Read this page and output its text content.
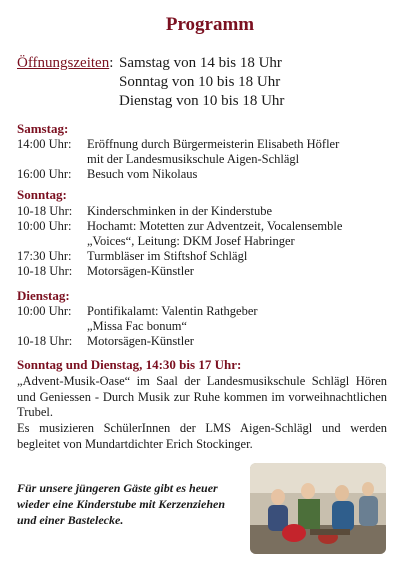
Programm
Öffnungszeiten: Samstag von 14 bis 18 Uhr
Sonntag von 10 bis 18 Uhr
Dienstag von 10 bis 18 Uhr
Samstag:
14:00 Uhr: Eröffnung durch Bürgermeisterin Elisabeth Höfler
mit der Landesmusikschule Aigen-Schlägl
16:00 Uhr: Besuch vom Nikolaus
Sonntag:
10-18 Uhr: Kinderschminken in der Kinderstube
10:00 Uhr: Hochamt: Motetten zur Adventzeit, Vocalensemble
„Voices“, Leitung: DKM Josef Habringer
17:30 Uhr: Turmbläser im Stiftshof Schlägl
10-18 Uhr: Motorsägen-Künstler
Dienstag:
10:00 Uhr: Pontifikalamt: Valentin Rathgeber
„Missa Fac bonum“
10-18 Uhr: Motorsägen-Künstler
Sonntag und Dienstag, 14:30 bis 17 Uhr:
„Advent-Musik-Oase“ im Saal der Landesmusikschule Schlägl Hören und Geniessen - Durch Musik zur Ruhe kommen im vorweihnachtlichen Trubel.
Es musizieren SchülerInnen der LMS Aigen-Schlägl und werden begleitet von Mundartdichter Erich Stockinger.
Für unsere jüngeren Gäste gibt es heuer wieder eine Kinderstube mit Kerzenziehen und einer Bastelecke.
